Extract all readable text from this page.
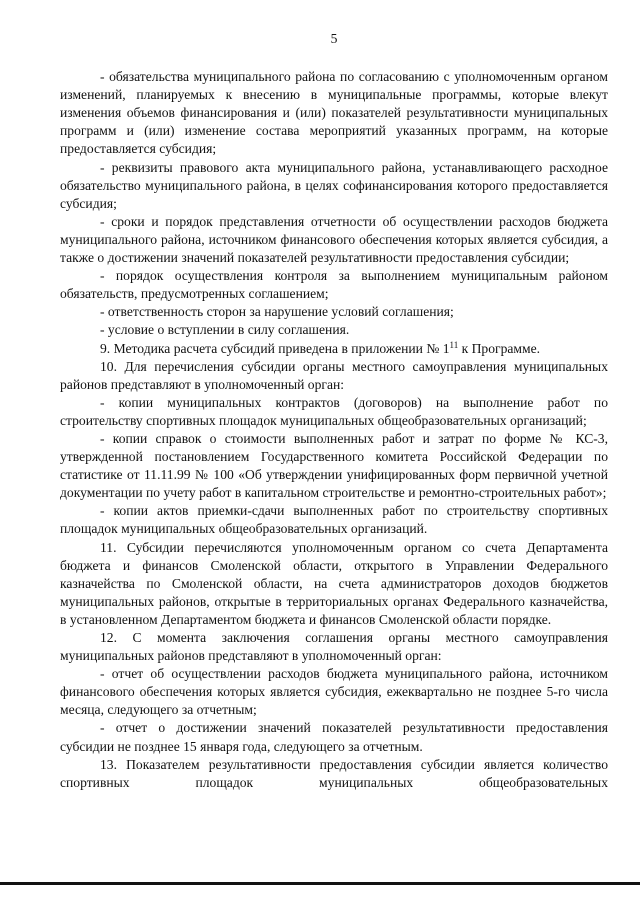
5

- обязательства муниципального района по согласованию с уполномоченным органом изменений, планируемых к внесению в муниципальные программы, которые влекут изменения объемов финансирования и (или) показателей результативности муниципальных программ и (или) изменение состава мероприятий указанных программ, на которые предоставляется субсидия;

- реквизиты правового акта муниципального района, устанавливающего расходное обязательство муниципального района, в целях софинансирования которого предоставляется субсидия;

- сроки и порядок представления отчетности об осуществлении расходов бюджета муниципального района, источником финансового обеспечения которых является субсидия, а также о достижении значений показателей результативности предоставления субсидии;

- порядок осуществления контроля за выполнением муниципальным районом обязательств, предусмотренных соглашением;

- ответственность сторон за нарушение условий соглашения;

- условие о вступлении в силу соглашения.

9. Методика расчета субсидий приведена в приложении № $1^{11}$ к Программе.

10. Для перечисления субсидии органы местного самоуправления муниципальных районов представляют в уполномоченный орган:

- копии муниципальных контрактов (договоров) на выполнение работ по строительству спортивных площадок муниципальных общеобразовательных организаций;

- копии справок о стоимости выполненных работ и затрат по форме № КС-3, утвержденной постановлением Государственного комитета Российской Федерации по статистике от 11.11.99 № 100 «Об утверждении унифицированных форм первичной учетной документации по учету работ в капитальном строительстве и ремонтно-строительных работ»;

- копии актов приемки-сдачи выполненных работ по строительству спортивных площадок муниципальных общеобразовательных организаций.

11. Субсидии перечисляются уполномоченным органом со счета Департамента бюджета и финансов Смоленской области, открытого в Управлении Федерального казначейства по Смоленской области, на счета администраторов доходов бюджетов муниципальных районов, открытые в территориальных органах Федерального казначейства, в установленном Департаментом бюджета и финансов Смоленской области порядке.

12. С момента заключения соглашения органы местного самоуправления муниципальных районов представляют в уполномоченный орган:

- отчет об осуществлении расходов бюджета муниципального района, источником финансового обеспечения которых является субсидия, ежеквартально не позднее 5-го числа месяца, следующего за отчетным;

- отчет о достижении значений показателей результативности предоставления субсидии не позднее 15 января года, следующего за отчетным.

13. Показателем результативности предоставления субсидии является количество спортивных площадок муниципальных общеобразовательных
